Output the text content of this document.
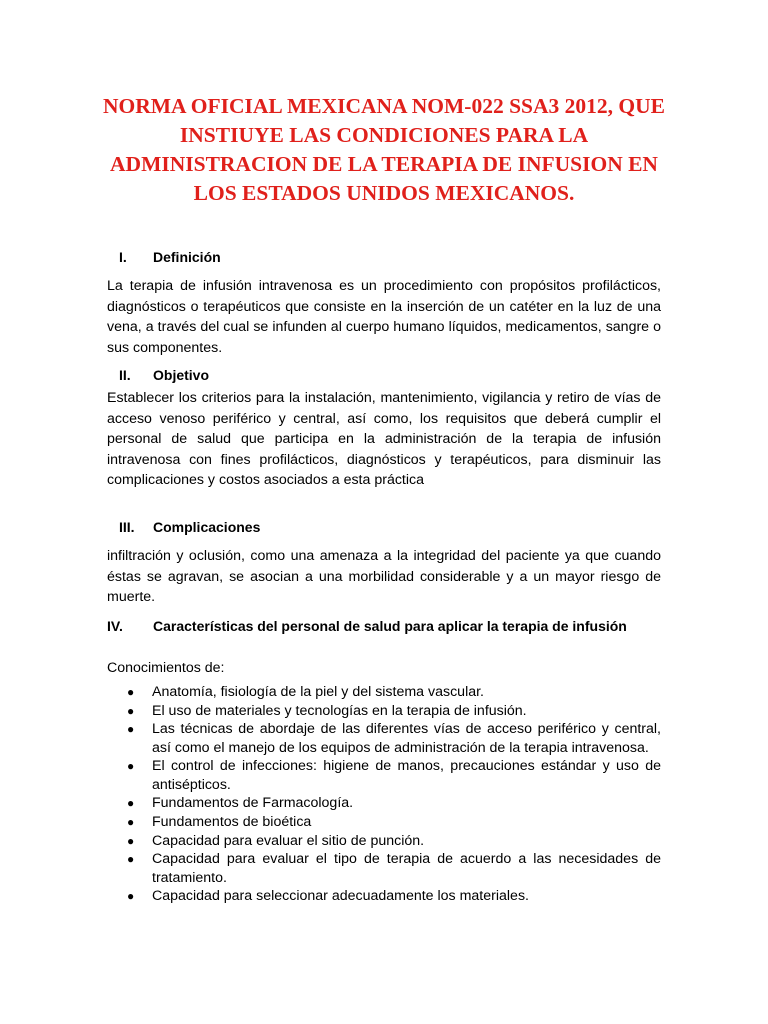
NORMA OFICIAL MEXICANA NOM-022 SSA3 2012, QUE INSTIUYE LAS CONDICIONES PARA LA ADMINISTRACION DE LA TERAPIA DE INFUSION EN LOS ESTADOS UNIDOS MEXICANOS.
I.	Definición

La terapia de infusión intravenosa es un procedimiento con propósitos profilácticos, diagnósticos o terapéuticos que consiste en la inserción de un catéter en la luz de una vena, a través del cual se infunden al cuerpo humano líquidos, medicamentos, sangre o sus componentes.

II.	Objetivo

Establecer los criterios para la instalación, mantenimiento, vigilancia y retiro de vías de acceso venoso periférico y central, así como, los requisitos que deberá cumplir el personal de salud que participa en la administración de la terapia de infusión intravenosa con fines profilácticos, diagnósticos y terapéuticos, para disminuir las complicaciones y costos asociados a esta práctica

III.	Complicaciones

infiltración y oclusión, como una amenaza a la integridad del paciente ya que cuando éstas se agravan, se asocian a una morbilidad considerable y a un mayor riesgo de muerte.

IV.	Características del personal de salud para aplicar la terapia de infusión

Conocimientos de:

●	Anatomía, fisiología de la piel y del sistema vascular.
●	El uso de materiales y tecnologías en la terapia de infusión.
●	Las técnicas de abordaje de las diferentes vías de acceso periférico y central, así como el manejo de los equipos de administración de la terapia intravenosa.
●	El control de infecciones: higiene de manos, precauciones estándar y uso de antisépticos.
●	Fundamentos de Farmacología.
●	Fundamentos de bioética
●	Capacidad para evaluar el sitio de punción.
●	Capacidad para evaluar el tipo de terapia de acuerdo a las necesidades de tratamiento.
●	Capacidad para seleccionar adecuadamente los materiales.
